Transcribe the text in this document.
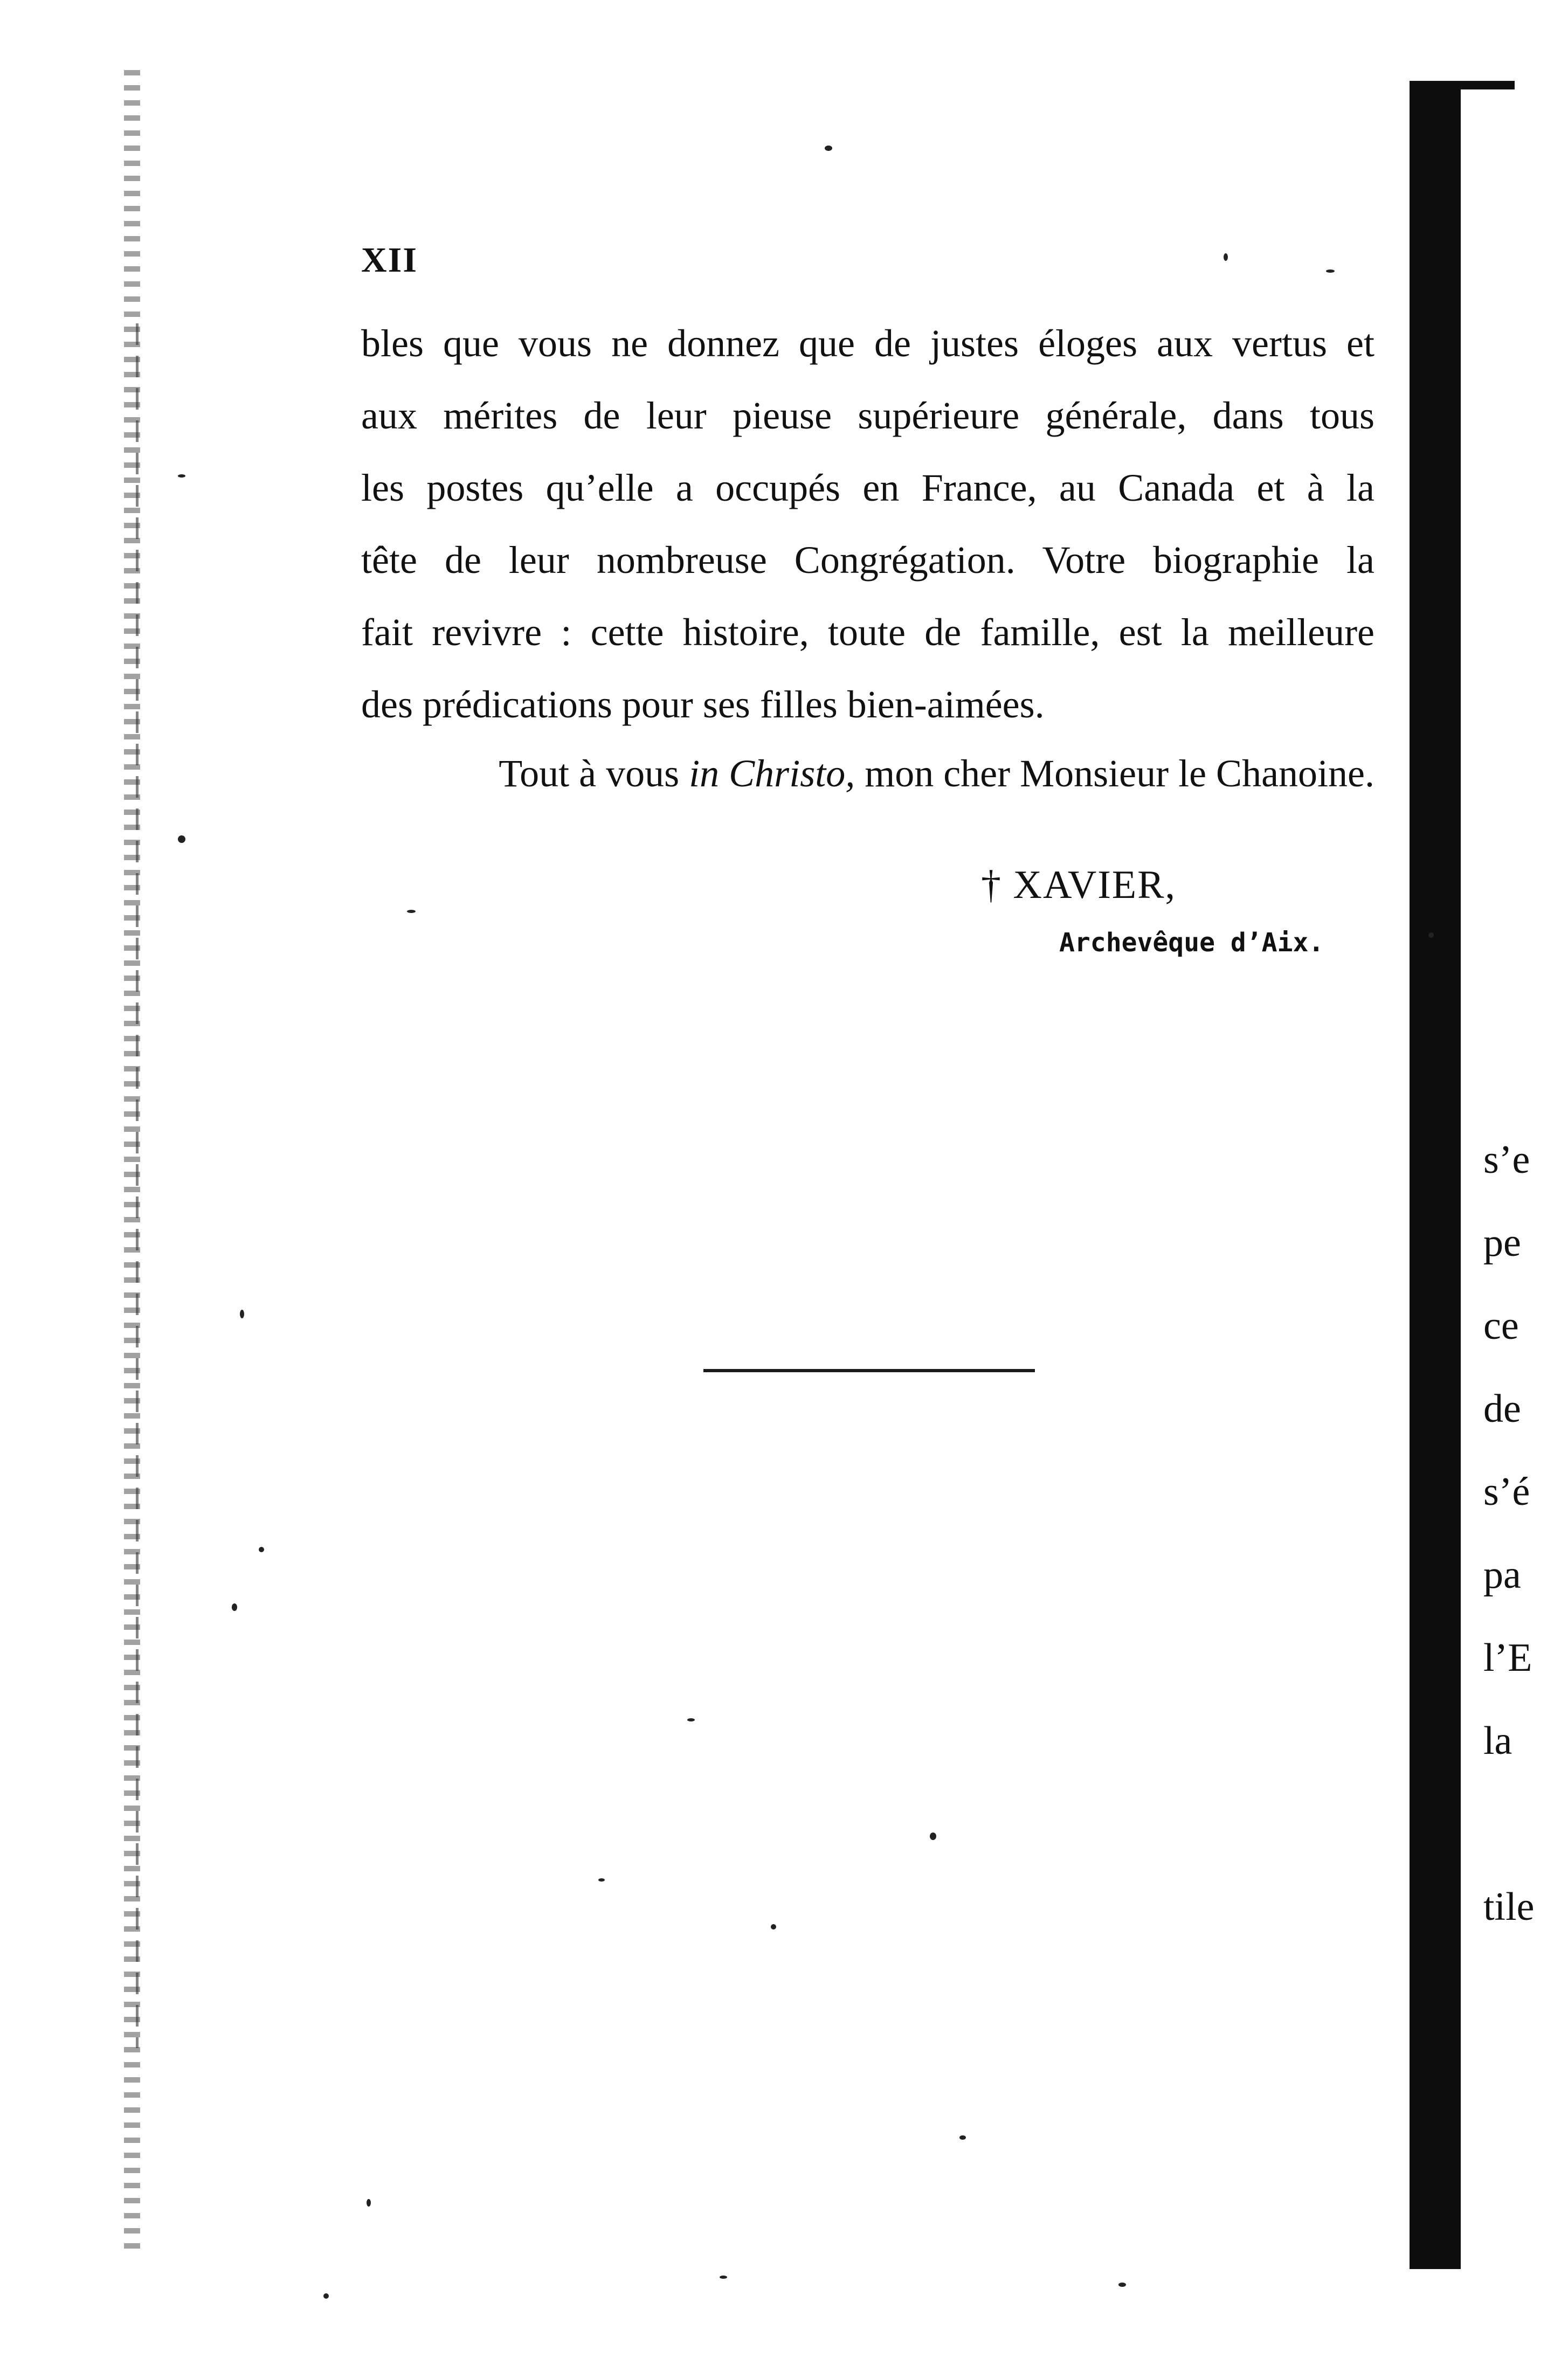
XII
bles que vous ne donnez que de justes éloges aux vertus et
aux mérites de leur pieuse supérieure générale, dans tous
les postes qu’elle a occupés en France, au Canada et à la
tête de leur nombreuse Congrégation. Votre biographie la
fait revivre : cette histoire, toute de famille, est la meilleure
des prédications pour ses filles bien-aimées.
Tout à vous in Christo, mon cher Monsieur le Chanoine.
† XAVIER,
Archevêque d’Aix.
s’e
pe
ce
de
s’é
pa
l’E
la
tile
